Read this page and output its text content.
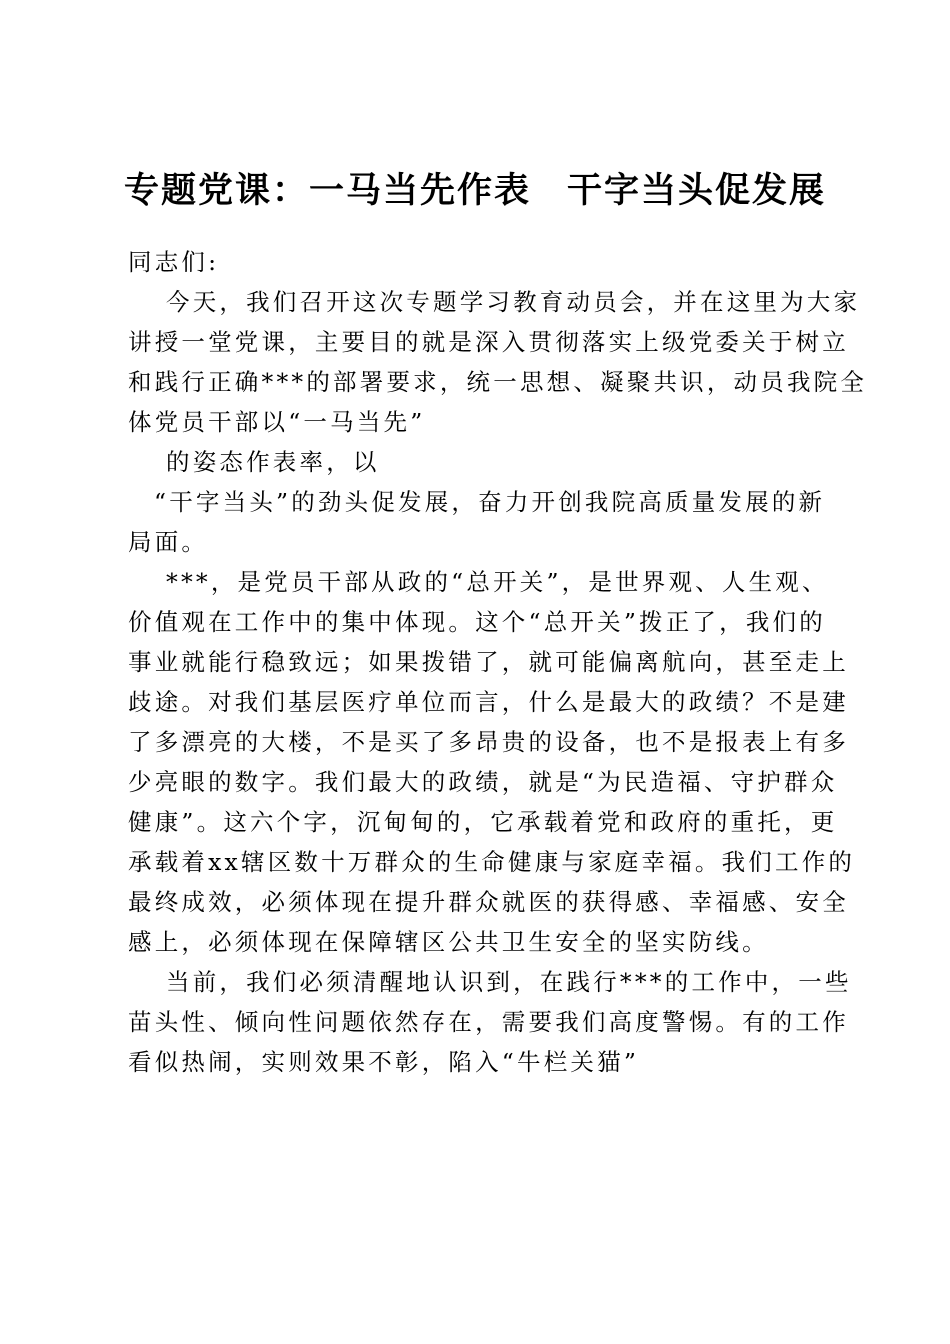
专题党课：一马当先作表 干字当头促发展
同志们:
今天，我们召开这次专题学习教育动员会，并在这里为大家
讲授一堂党课，主要目的就是深入贯彻落实上级党委关于树立
和践行正确***的部署要求，统一思想、凝聚共识，动员我院全
体党员干部以“一马当先”
的姿态作表率，以
“干字当头”的劲头促发展，奋力开创我院高质量发展的新
局面。
***，是党员干部从政的“总开关”，是世界观、人生观、
价值观在工作中的集中体现。这个“总开关”拨正了，我们的
事业就能行稳致远；如果拨错了，就可能偏离航向，甚至走上
歧途。对我们基层医疗单位而言，什么是最大的政绩？不是建
了多漂亮的大楼，不是买了多昂贵的设备，也不是报表上有多
少亮眼的数字。我们最大的政绩，就是“为民造福、守护群众
健康”。这六个字，沉甸甸的，它承载着党和政府的重托，更
承载着xx辖区数十万群众的生命健康与家庭幸福。我们工作的
最终成效，必须体现在提升群众就医的获得感、幸福感、安全
感上，必须体现在保障辖区公共卫生安全的坚实防线。
当前，我们必须清醒地认识到，在践行***的工作中，一些
苗头性、倾向性问题依然存在，需要我们高度警惕。有的工作
看似热闹，实则效果不彰，陷入“牛栏关猫”
